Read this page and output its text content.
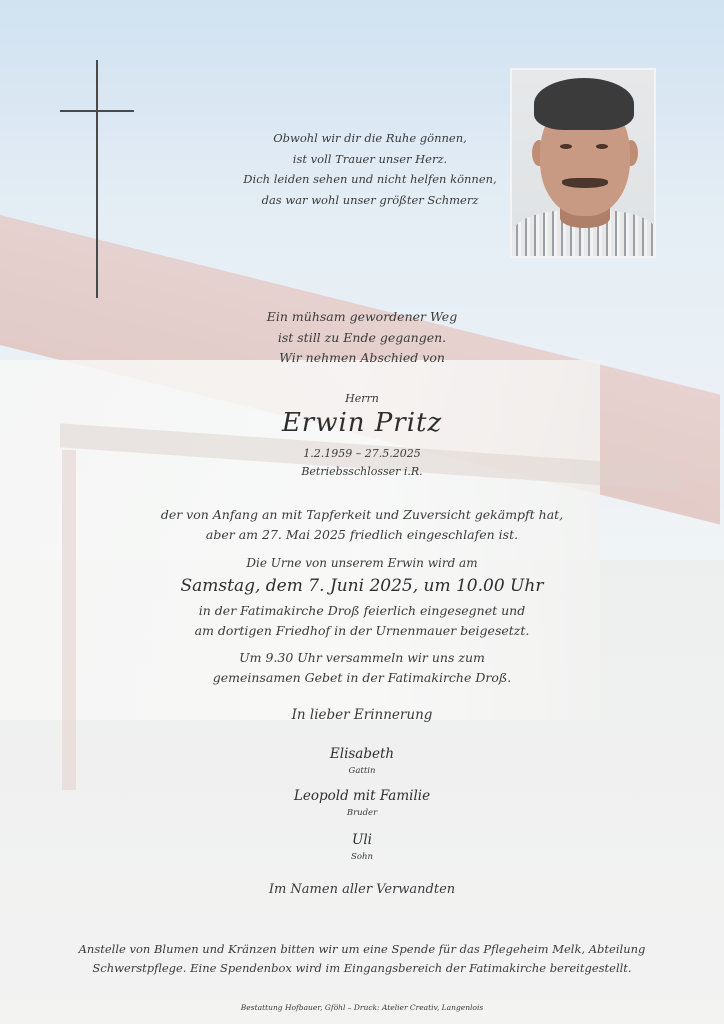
Obwohl wir dir die Ruhe gönnen,
ist voll Trauer unser Herz.
Dich leiden sehen und nicht helfen können,
das war wohl unser größter Schmerz
Ein mühsam gewordener Weg
ist still zu Ende gegangen.
Wir nehmen Abschied von
Herrn
Erwin Pritz
1.2.1959 – 27.5.2025
Betriebsschlosser i.R.
der von Anfang an mit Tapferkeit und Zuversicht gekämpft hat,
aber am 27. Mai 2025 friedlich eingeschlafen ist.
Die Urne von unserem Erwin wird am
Samstag, dem 7. Juni 2025, um 10.00 Uhr
in der Fatimakirche Droß feierlich eingesegnet und
am dortigen Friedhof in der Urnenmauer beigesetzt.
Um 9.30 Uhr versammeln wir uns zum
gemeinsamen Gebet in der Fatimakirche Droß.
In lieber Erinnerung
Elisabeth
Gattin
Leopold mit Familie
Bruder
Uli
Sohn
Im Namen aller Verwandten
Anstelle von Blumen und Kränzen bitten wir um eine Spende für das Pflegeheim Melk, Abteilung
Schwerstpflege. Eine Spendenbox wird im Eingangsbereich der Fatimakirche bereitgestellt.
Bestattung Hofbauer, Gföhl – Druck: Atelier Creativ, Langenlois
